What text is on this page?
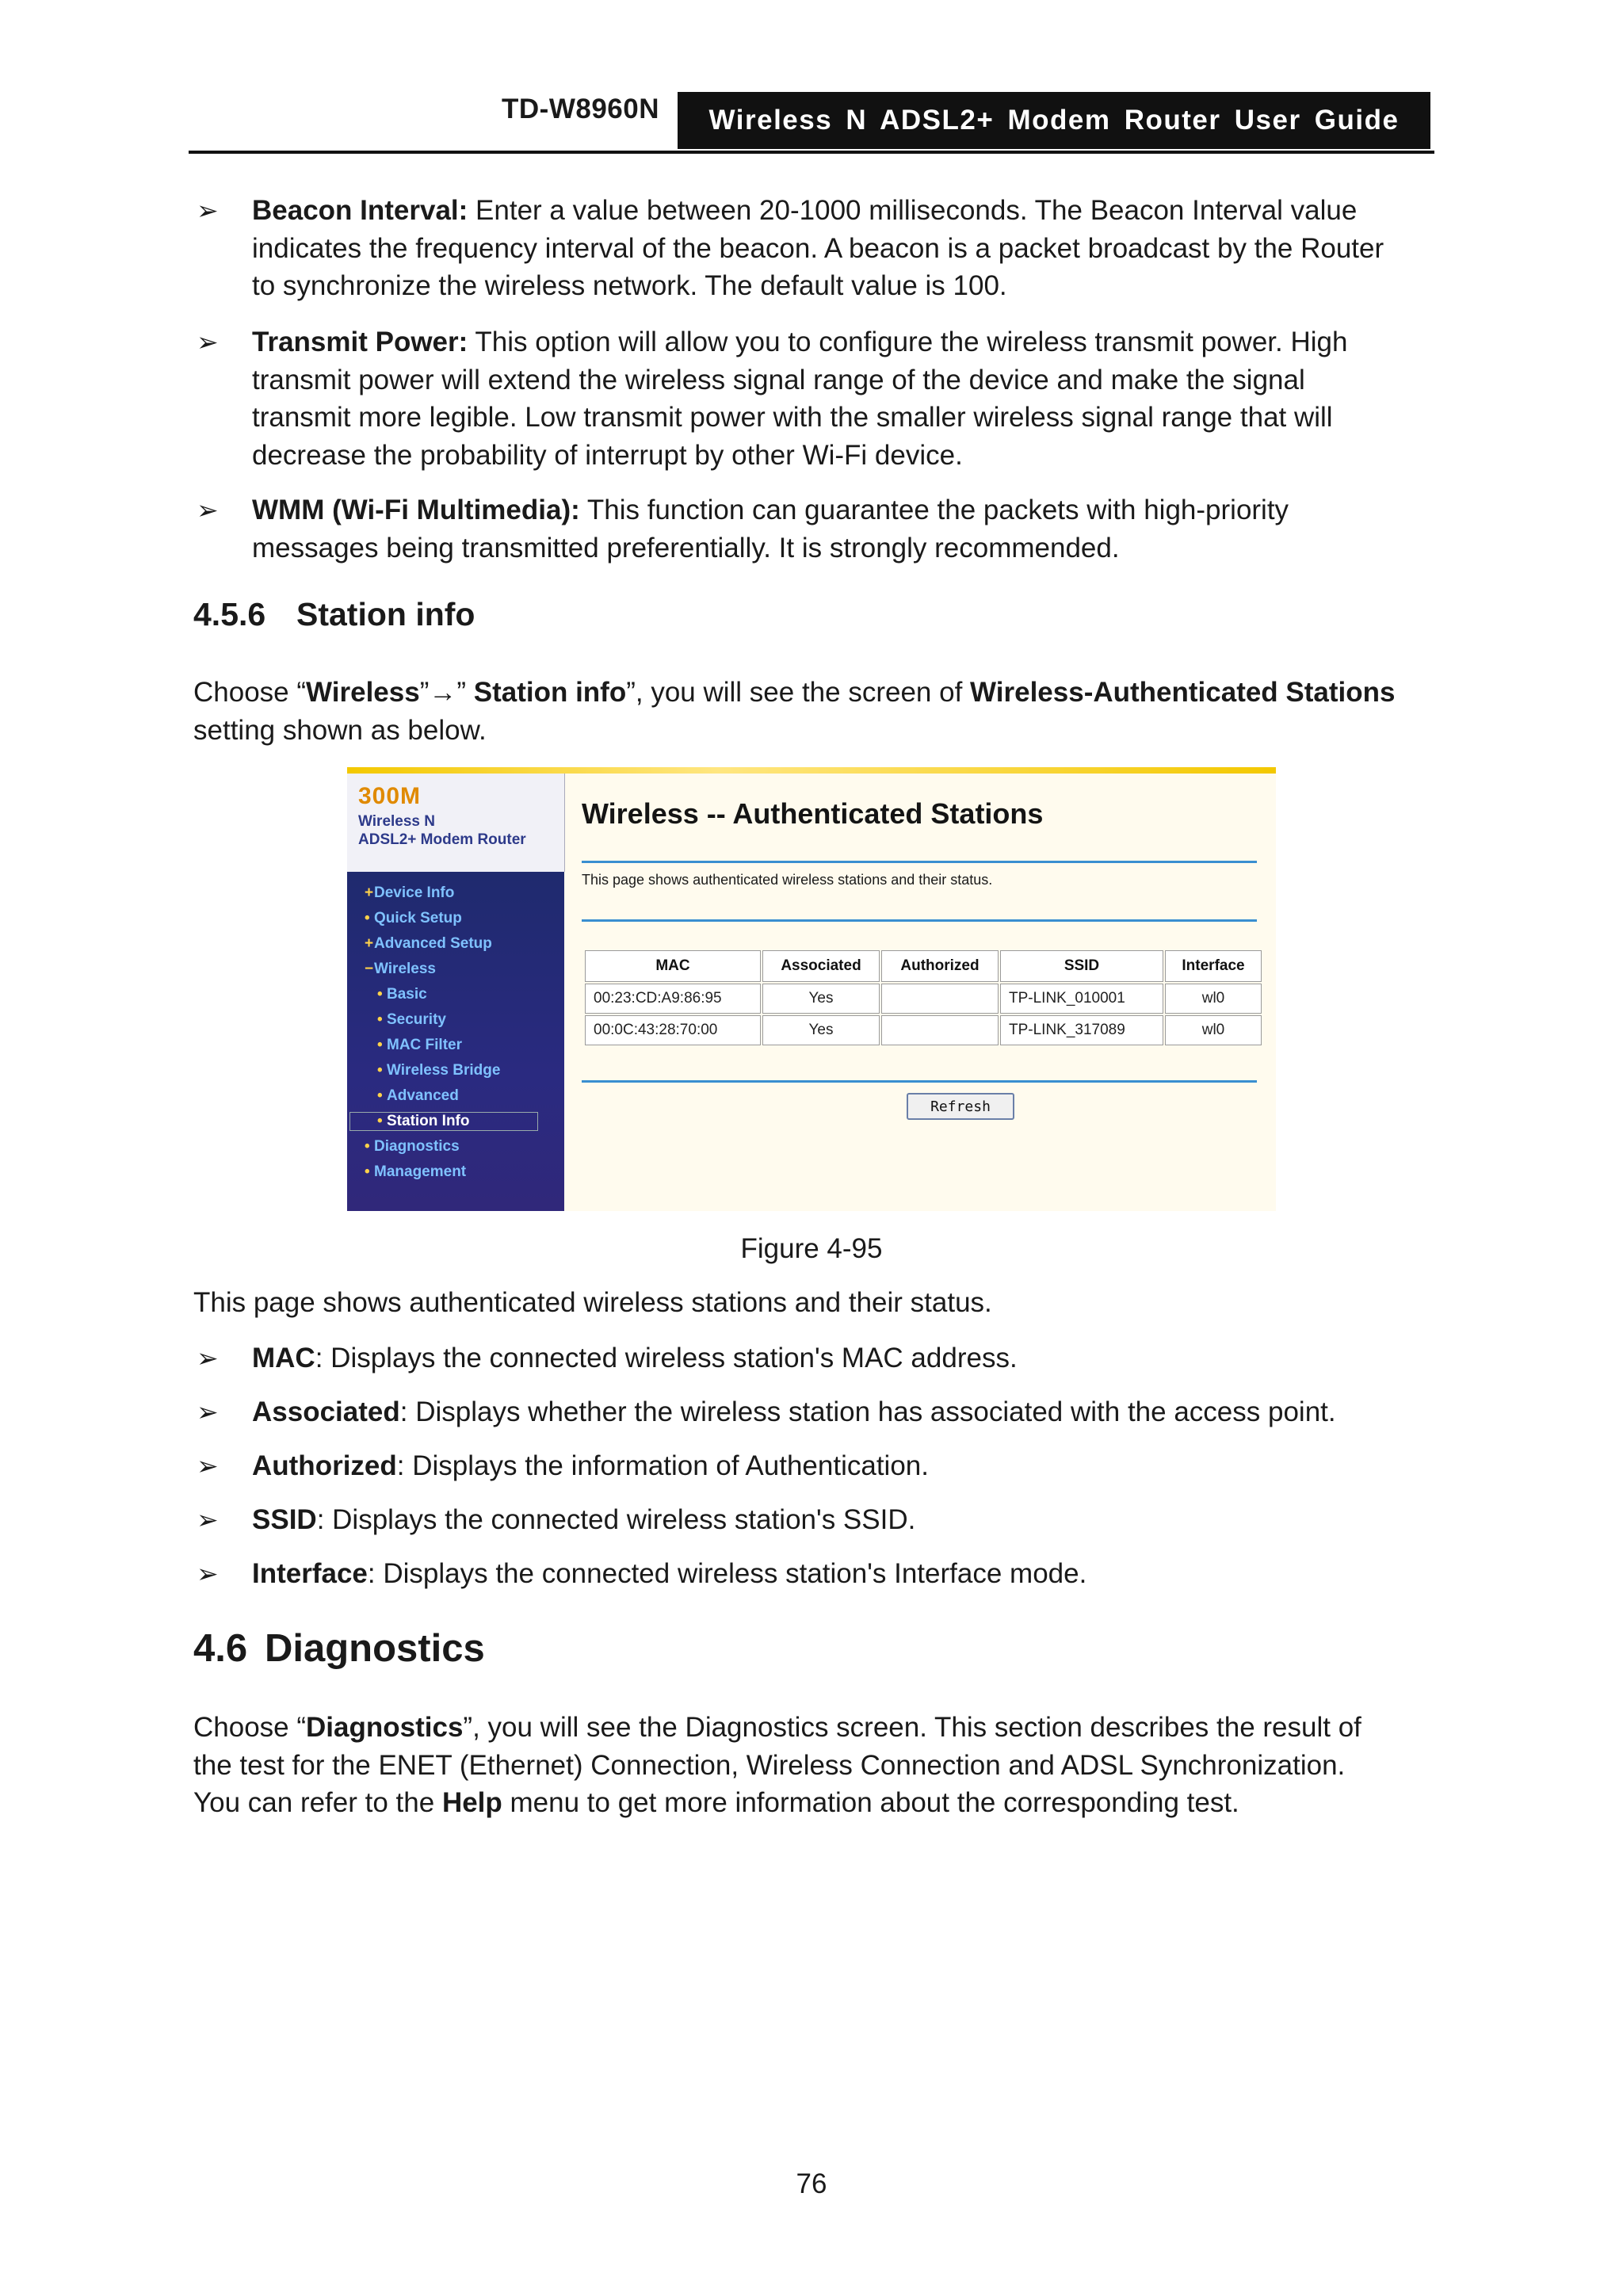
TD-W8960N	Wireless N ADSL2+ Modem Router User Guide
➢ Beacon Interval: Enter a value between 20-1000 milliseconds. The Beacon Interval value
indicates the frequency interval of the beacon. A beacon is a packet broadcast by the Router
to synchronize the wireless network. The default value is 100.
➢ Transmit Power: This option will allow you to configure the wireless transmit power. High
transmit power will extend the wireless signal range of the device and make the signal
transmit more legible. Low transmit power with the smaller wireless signal range that will
decrease the probability of interrupt by other Wi-Fi device.
➢ WMM (Wi-Fi Multimedia): This function can guarantee the packets with high-priority
messages being transmitted preferentially. It is strongly recommended.
4.5.6 Station info
Choose “Wireless”→” Station info”, you will see the screen of Wireless-Authenticated Stations
setting shown as below.
300M
Wireless N
ADSL2+ Modem Router
+Device Info
• Quick Setup
+Advanced Setup
−Wireless
• Basic
• Security
• MAC Filter
• Wireless Bridge
• Advanced
• Station Info
• Diagnostics
• Management
Wireless -- Authenticated Stations
This page shows authenticated wireless stations and their status.
MAC	Associated	Authorized	SSID	Interface
00:23:CD:A9:86:95	Yes		TP-LINK_010001	wl0
00:0C:43:28:70:00	Yes		TP-LINK_317089	wl0
Refresh
Figure 4-95
This page shows authenticated wireless stations and their status.
➢ MAC: Displays the connected wireless station's MAC address.
➢ Associated: Displays whether the wireless station has associated with the access point.
➢ Authorized: Displays the information of Authentication.
➢ SSID: Displays the connected wireless station's SSID.
➢ Interface: Displays the connected wireless station's Interface mode.
4.6 Diagnostics
Choose “Diagnostics”, you will see the Diagnostics screen. This section describes the result of
the test for the ENET (Ethernet) Connection, Wireless Connection and ADSL Synchronization.
You can refer to the Help menu to get more information about the corresponding test.
76
